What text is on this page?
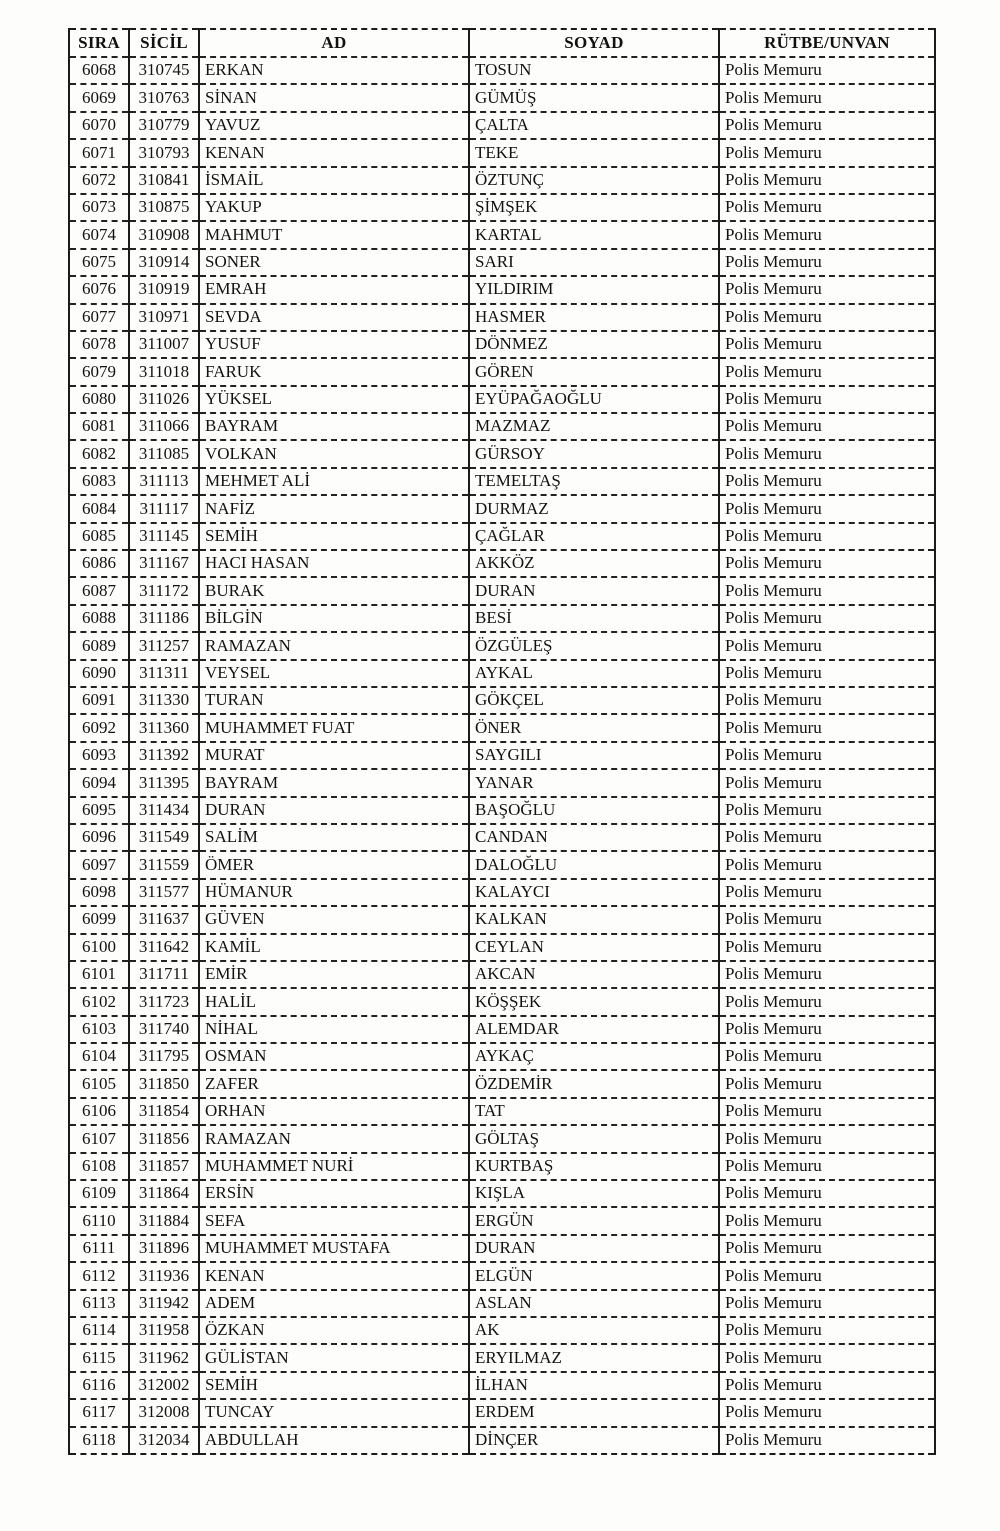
SIRA	SİCİL	AD	SOYAD	RÜTBE/UNVAN
6068	310745	ERKAN	TOSUN	Polis Memuru
6069	310763	SİNAN	GÜMÜŞ	Polis Memuru
6070	310779	YAVUZ	ÇALTA	Polis Memuru
6071	310793	KENAN	TEKE	Polis Memuru
6072	310841	İSMAİL	ÖZTUNÇ	Polis Memuru
6073	310875	YAKUP	ŞİMŞEK	Polis Memuru
6074	310908	MAHMUT	KARTAL	Polis Memuru
6075	310914	SONER	SARI	Polis Memuru
6076	310919	EMRAH	YILDIRIM	Polis Memuru
6077	310971	SEVDA	HASMER	Polis Memuru
6078	311007	YUSUF	DÖNMEZ	Polis Memuru
6079	311018	FARUK	GÖREN	Polis Memuru
6080	311026	YÜKSEL	EYÜPAĞAOĞLU	Polis Memuru
6081	311066	BAYRAM	MAZMAZ	Polis Memuru
6082	311085	VOLKAN	GÜRSOY	Polis Memuru
6083	311113	MEHMET ALİ	TEMELTAŞ	Polis Memuru
6084	311117	NAFİZ	DURMAZ	Polis Memuru
6085	311145	SEMİH	ÇAĞLAR	Polis Memuru
6086	311167	HACI HASAN	AKKÖZ	Polis Memuru
6087	311172	BURAK	DURAN	Polis Memuru
6088	311186	BİLGİN	BESİ	Polis Memuru
6089	311257	RAMAZAN	ÖZGÜLEŞ	Polis Memuru
6090	311311	VEYSEL	AYKAL	Polis Memuru
6091	311330	TURAN	GÖKÇEL	Polis Memuru
6092	311360	MUHAMMET FUAT	ÖNER	Polis Memuru
6093	311392	MURAT	SAYGILI	Polis Memuru
6094	311395	BAYRAM	YANAR	Polis Memuru
6095	311434	DURAN	BAŞOĞLU	Polis Memuru
6096	311549	SALİM	CANDAN	Polis Memuru
6097	311559	ÖMER	DALOĞLU	Polis Memuru
6098	311577	HÜMANUR	KALAYCI	Polis Memuru
6099	311637	GÜVEN	KALKAN	Polis Memuru
6100	311642	KAMİL	CEYLAN	Polis Memuru
6101	311711	EMİR	AKCAN	Polis Memuru
6102	311723	HALİL	KÖŞŞEK	Polis Memuru
6103	311740	NİHAL	ALEMDAR	Polis Memuru
6104	311795	OSMAN	AYKAÇ	Polis Memuru
6105	311850	ZAFER	ÖZDEMİR	Polis Memuru
6106	311854	ORHAN	TAT	Polis Memuru
6107	311856	RAMAZAN	GÖLTAŞ	Polis Memuru
6108	311857	MUHAMMET NURİ	KURTBAŞ	Polis Memuru
6109	311864	ERSİN	KIŞLA	Polis Memuru
6110	311884	SEFA	ERGÜN	Polis Memuru
6111	311896	MUHAMMET MUSTAFA	DURAN	Polis Memuru
6112	311936	KENAN	ELGÜN	Polis Memuru
6113	311942	ADEM	ASLAN	Polis Memuru
6114	311958	ÖZKAN	AK	Polis Memuru
6115	311962	GÜLİSTAN	ERYILMAZ	Polis Memuru
6116	312002	SEMİH	İLHAN	Polis Memuru
6117	312008	TUNCAY	ERDEM	Polis Memuru
6118	312034	ABDULLAH	DİNÇER	Polis Memuru
